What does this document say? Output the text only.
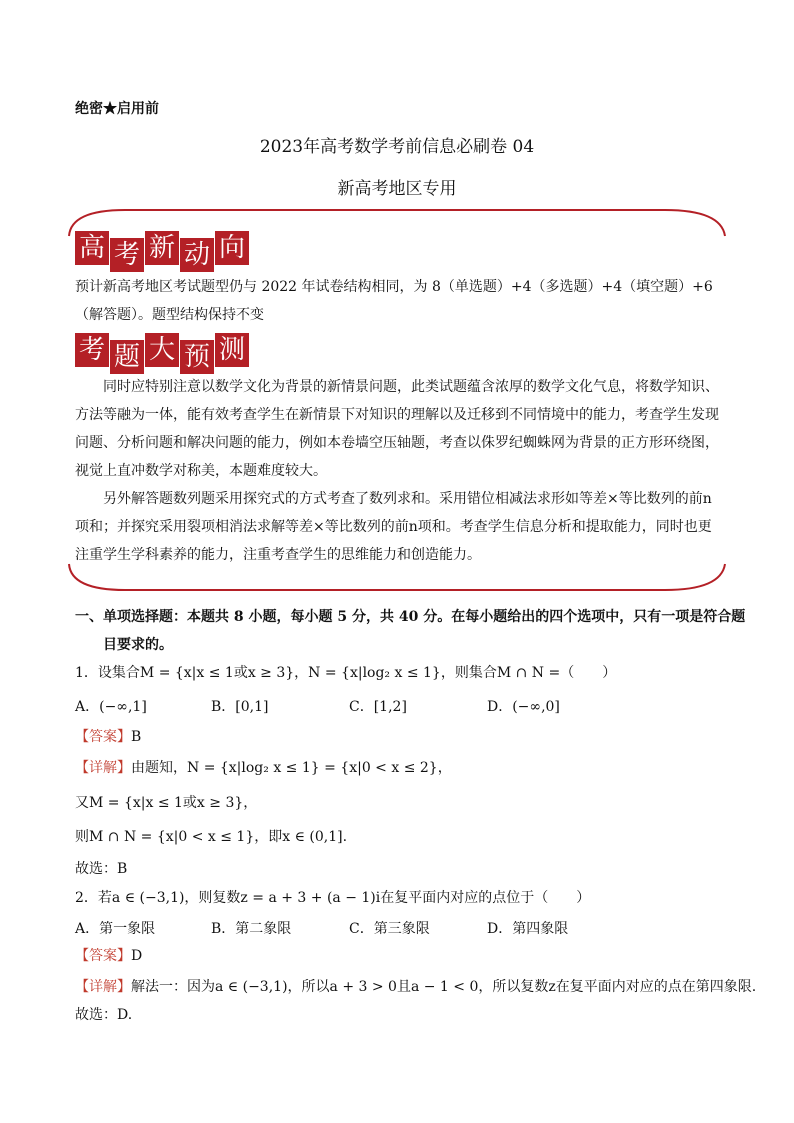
绝密★启用前
2023年高考数学考前信息必刷卷 04
新高考地区专用
高 考 新 动 向
预计新高考地区考试题型仍与 2022 年试卷结构相同，为 8（单选题）+4（多选题）+4（填空题）+6（解答题）。题型结构保持不变
考 题 大 预 测
同时应特别注意以数学文化为背景的新情景问题，此类试题蕴含浓厚的数学文化气息，将数学知识、方法等融为一体，能有效考查学生在新情景下对知识的理解以及迁移到不同情境中的能力，考查学生发现问题、分析问题和解决问题的能力，例如本卷墙空压轴题，考查以侏罗纪蜘蛛网为背景的正方形环绕图，视觉上直冲数学对称美，本题难度较大。
另外解答题数列题采用探究式的方式考查了数列求和。采用错位相减法求形如等差×等比数列的前n项和；并探究采用裂项相消法求解等差×等比数列的前n项和。考查学生信息分析和提取能力，同时也更注重学生学科素养的能力，注重考查学生的思维能力和创造能力。
一、单项选择题：本题共 8 小题，每小题 5 分，共 40 分。在每小题给出的四个选项中，只有一项是符合题
目要求的。
1．设集合M = {x|x ≤ 1或x ≥ 3}，N = {x|log₂ x ≤ 1}，则集合M ∩ N =（　　）
A．(−∞,1]	B．[0,1]	C．[1,2]	D．(−∞,0]
【答案】B
【详解】由题知，N = {x|log₂ x ≤ 1} = {x|0 < x ≤ 2}，
又M = {x|x ≤ 1或x ≥ 3}，
则M ∩ N = {x|0 < x ≤ 1}，即x ∈ (0,1].
故选：B
2．若a ∈ (−3,1)，则复数z = a + 3 + (a − 1)i在复平面内对应的点位于（　　）
A．第一象限	B．第二象限	C．第三象限	D．第四象限
【答案】D
【详解】解法一：因为a ∈ (−3,1)，所以a + 3 > 0且a − 1 < 0，所以复数z在复平面内对应的点在第四象限.
故选：D.
